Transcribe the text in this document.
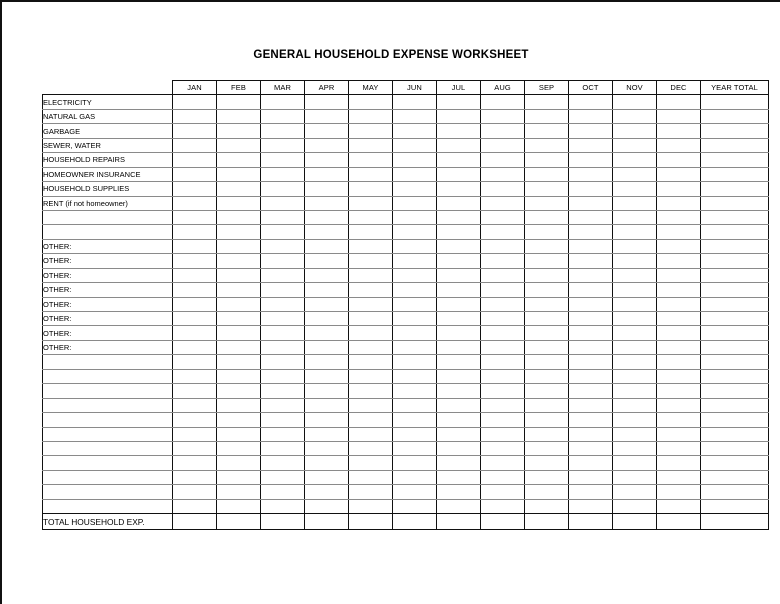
GENERAL HOUSEHOLD EXPENSE WORKSHEET
	JAN	FEB	MAR	APR	MAY	JUN	JUL	AUG	SEP	OCT	NOV	DEC	YEAR TOTAL
ELECTRICITY													
NATURAL GAS													
GARBAGE													
SEWER, WATER													
HOUSEHOLD REPAIRS													
HOMEOWNER INSURANCE													
HOUSEHOLD SUPPLIES													
RENT (if not homeowner)													

OTHER:													
OTHER:													
OTHER:													
OTHER:													
OTHER:													
OTHER:													
OTHER:													
OTHER:													

TOTAL HOUSEHOLD EXP.													
